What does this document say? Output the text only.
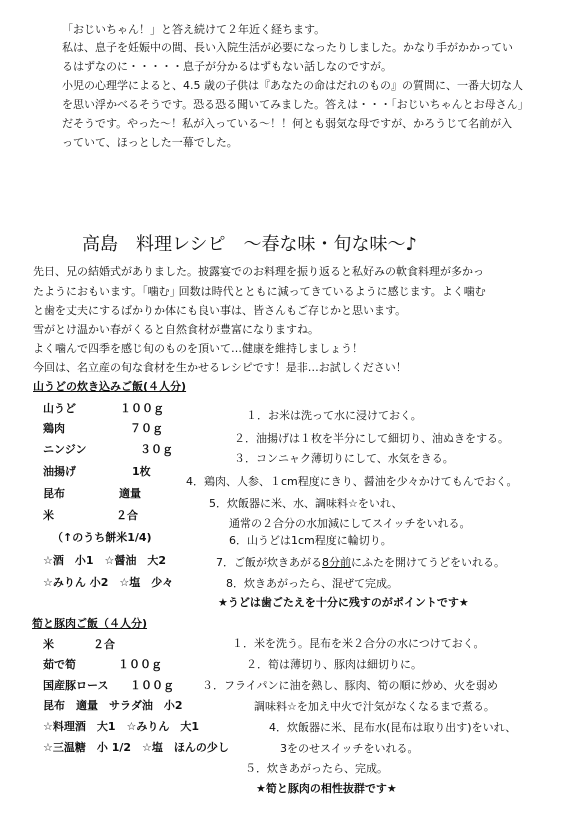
「おじいちゃん！」と答え続けて２年近く経ちます。
私は、息子を妊娠中の間、長い入院生活が必要になったりしました。かなり手がかかってい
るはずなのに・・・・・息子が分かるはずもない話しなのですが。
小児の心理学によると、4.5 歳の子供は『あなたの命はだれのもの』の質問に、一番大切な人
を思い浮かべるそうです。恐る恐る聞いてみました。答えは・・・「おじいちゃんとお母さん」
だそうです。やった～！私が入っている～！！何とも弱気な母ですが、かろうじて名前が入
っていて、ほっとした一幕でした。
高島　料理レシピ　～春な味・旬な味～♪
先日、兄の結婚式がありました。披露宴でのお料理を振り返ると私好みの軟食料理が多かっ
たようにおもいます。｢噛む｣ 回数は時代とともに減ってきているように感じます。よく噛む
と歯を丈夫にするばかりか体にも良い事は、皆さんもご存じかと思います。
雪がとけ温かい春がくると自然食材が豊富になりますね。
よく噛んで四季を感じ旬のものを頂いて…健康を維持しましょう！
今回は、名立産の旬な食材を生かせるレシピです！是非…お試しください！
山うどの炊き込みご飯(４人分)
山うど	１００ｇ
鶏肉	７０ｇ
ニンジン	３０ｇ
油揚げ	1枚
昆布	適量
米	２合
（↑のうち餅米1/4)
☆酒　小1　☆醤油　大2
☆みりん 小2　☆塩　少々
１．お米は洗って水に浸けておく。
２．油揚げは１枚を半分にして細切り、油ぬきをする。
３．コンニャク薄切りにして、水気をきる。
4．鶏肉、人参、１cm程度にきり、醤油を少々かけてもんでおく。
5．炊飯器に米、水、調味料☆をいれ、
通常の２合分の水加減にしてスイッチをいれる。
6．山うどは1cm程度に輪切り。
7．ご飯が炊きあがる8分前にふたを開けてうどをいれる。
8．炊きあがったら、混ぜて完成。
★うどは歯ごたえを十分に残すのがポイントです★
筍と豚肉ご飯（４人分)
米	２合
茹で筍	１００ｇ
国産豚ロース １００ｇ
昆布　適量　サラダ油　小2
☆料理酒　大1　☆みりん　大1
☆三温糖　小 1/2　☆塩　ほんの少し
１．米を洗う。昆布を米２合分の水につけておく。
２．筍は薄切り、豚肉は細切りに。
３．フライパンに油を熱し、豚肉、筍の順に炒め、火を弱め
調味料☆を加え中火で汁気がなくなるまで煮る。
4．炊飯器に米、昆布水(昆布は取り出す)をいれ、
3をのせスイッチをいれる。
５．炊きあがったら、完成。
★筍と豚肉の相性抜群です★
